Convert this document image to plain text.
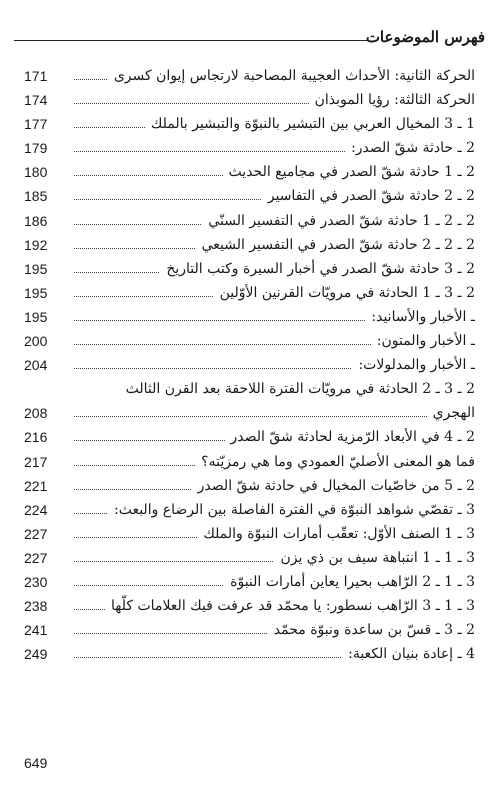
فهرس الموضوعات
171	الحركة الثانية: الأحداث العجيبة المصاحبة لارتجاس إيوان كسرى
174	الحركة الثالثة: رؤيا الموبذان
177	1 ـ 3 المخيال العربي بين التبشير بالنبوّة والتبشير بالملك
179	2 ـ حادثة شقّ الصدر:
180	2 ـ 1 حادثة شقّ الصدر في مجاميع الحديث
185	2 ـ 2 حادثة شقّ الصدر في التفاسير
186	2 ـ 2 ـ 1 حادثة شقّ الصدر في التفسير السنّي
192	2 ـ 2 ـ 2 حادثة شقّ الصدر في التفسير الشيعي
195	2 ـ 3 حادثة شقّ الصدر في أخبار السيرة وكتب التاريخ
195	2 ـ 3 ـ 1 الحادثة في مرويّات القرنين الأوّلين
195	ـ الأخبار والأسانيد:
200	ـ الأخبار والمتون:
204	ـ الأخبار والمدلولات:
2 ـ 3 ـ 2 الحادثة في مرويّات الفترة اللاحقة بعد القرن الثالث
208	الهجري
216	2 ـ 4 في الأبعاد الرّمزية لحادثة شقّ الصدر
217	فما هو المعنى الأصليّ العمودي وما هي رمزيّته؟
221	2 ـ 5 من خاصّيات المخيال في حادثة شقّ الصدر
224	3 ـ تقصّي شواهد النبوّة في الفترة الفاصلة بين الرضاع والبعث:
227	3 ـ 1 الصنف الأوّل: تعقّب أمارات النبوّة والملك
227	3 ـ 1 ـ 1 انتباهة سيف بن ذي يزن
230	3 ـ 1 ـ 2 الرّاهب بحيرا يعاين أمارات النبوّة
238	3 ـ 1 ـ 3 الرّاهب نسطور: يا محمّد قد عرفت فيك العلامات كلّها
241	2 ـ 3 ـ قسّ بن ساعدة ونبوّة محمّد
249	4 ـ إعادة بنيان الكعبة:
649
